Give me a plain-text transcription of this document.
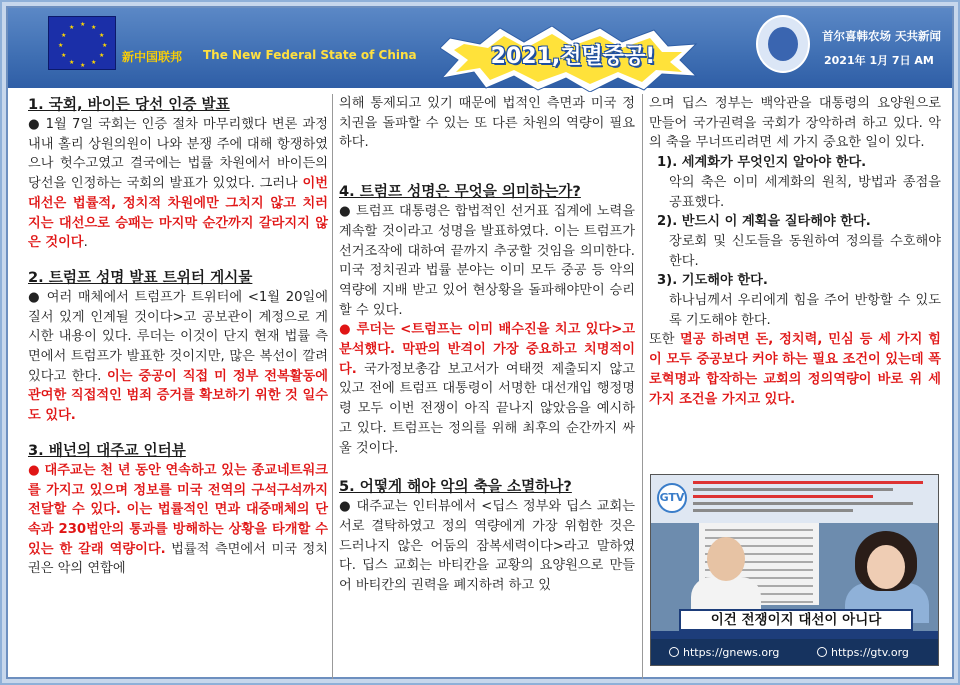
★ ★
★
★
★
★
★
★
★
★
★
★
新中国联邦 The New Federal State of China	2021,천멸중공!
首尔喜韩农场 天共新闻
2021年 1月 7日 AM
1. 국회, 바이든 당선 인증 발표

● 1월 7일 국회는 인증 절차 마무리했다 변론 과정 내내 홀리 상원의원이 나와 분쟁 주에 대해 항쟁하였으나 헛수고였고 결국에는 법률 차원에서 바이든의 당선을 인정하는 국회의 발표가 있었다. 그러나 이번 대선은 법률적, 정치적 차원에만 그치지 않고 치러지는 대선으로 승패는 마지막 순간까지 갈라지지 않은 것이다.

2. 트럼프 성명 발표 트위터 게시물

● 여러 매체에서 트럼프가 트위터에 <1월 20일에 질서 있게 인계될 것이다>고 공보관이 계정으로 게시한 내용이 있다. 루더는 이것이 단지 현재 법률 측면에서 트럼프가 발표한 것이지만, 많은 복선이 깔려있다고 한다. 이는 중공이 직접 미 정부 전복활동에 관여한 직접적인 범죄 증거를 확보하기 위한 것 일수도 있다.

3. 배넌의 대주교 인터뷰

● 대주교는 천 년 동안 연속하고 있는 종교네트워크를 가지고 있으며 정보를 미국 전역의 구석구석까지 전달할 수 있다. 이는 법률적인 면과 대중매체의 단속과 230법안의 통과를 방해하는 상황을 타개할 수 있는 한 갈래 역량이다. 법률적 측면에서 미국 정치권은 악의 연합에

의해 통제되고 있기 때문에 법적인 측면과 미국 정치권을 돌파할 수 있는 또 다른 차원의 역량이 필요하다.

4. 트럼프 성명은 무엇을 의미하는가?

● 트럼프 대통령은 합법적인 선거표 집계에 노력을 계속할 것이라고 성명을 발표하였다. 이는 트럼프가 선거조작에 대하여 끝까지 추궁할 것임을 의미한다. 미국 정치권과 법률 분야는 이미 모두 중공 등 악의 역량에 지배 받고 있어 현상황을 돌파해야만이 승리할 수 있다.

● 루더는 <트럼프는 이미 배수진을 치고 있다>고 분석했다. 막판의 반격이 가장 중요하고 치명적이다. 국가정보총감 보고서가 여태껏 제출되지 않고 있고 전에 트럼프 대통령이 서명한 대선개입 행정명령 모두 이번 전쟁이 아직 끝나지 않았음을 예시하고 있다. 트럼프는 정의를 위해 최후의 순간까지 싸울 것이다.

5. 어떻게 해야 악의 축을 소멸하나?

● 대주교는 인터뷰에서 <딥스 정부와 딥스 교회는 서로 결탁하였고 정의 역량에게 가장 위험한 것은 드러나지 않은 어둠의 잠복세력이다>라고 말하였다. 딥스 교회는 바티칸을 교황의 요양원으로 만들어 바티칸의 권력을 폐지하려 하고 있

으며 딥스 정부는 백악관을 대통령의 요양원으로 만들어 국가권력을 국회가 장악하려 하고 있다. 악의 축을 무너뜨리려면 세 가지 중요한 일이 있다.

1). 세계화가 무엇인지 알아야 한다.

악의 축은 이미 세계화의 원칙, 방법과 종점을 공표했다.

2). 반드시 이 계획을 질타해야 한다.

장로회 및 신도들을 동원하여 정의를 수호해야 한다.

3). 기도해야 한다.

하나님께서 우리에게 힘을 주어 반항할 수 있도록 기도해야 한다.

또한 멸공 하려면 돈, 정치력, 민심 등 세 가지 힘이 모두 중공보다 커야 하는 필요 조건이 있는데 폭로혁명과 합작하는 교회의 정의역량이 바로 위 세가지 조건을 가지고 있다.

GTV
이건 전쟁이지 대선이 아니다
https://gnews.org	https://gtv.org
